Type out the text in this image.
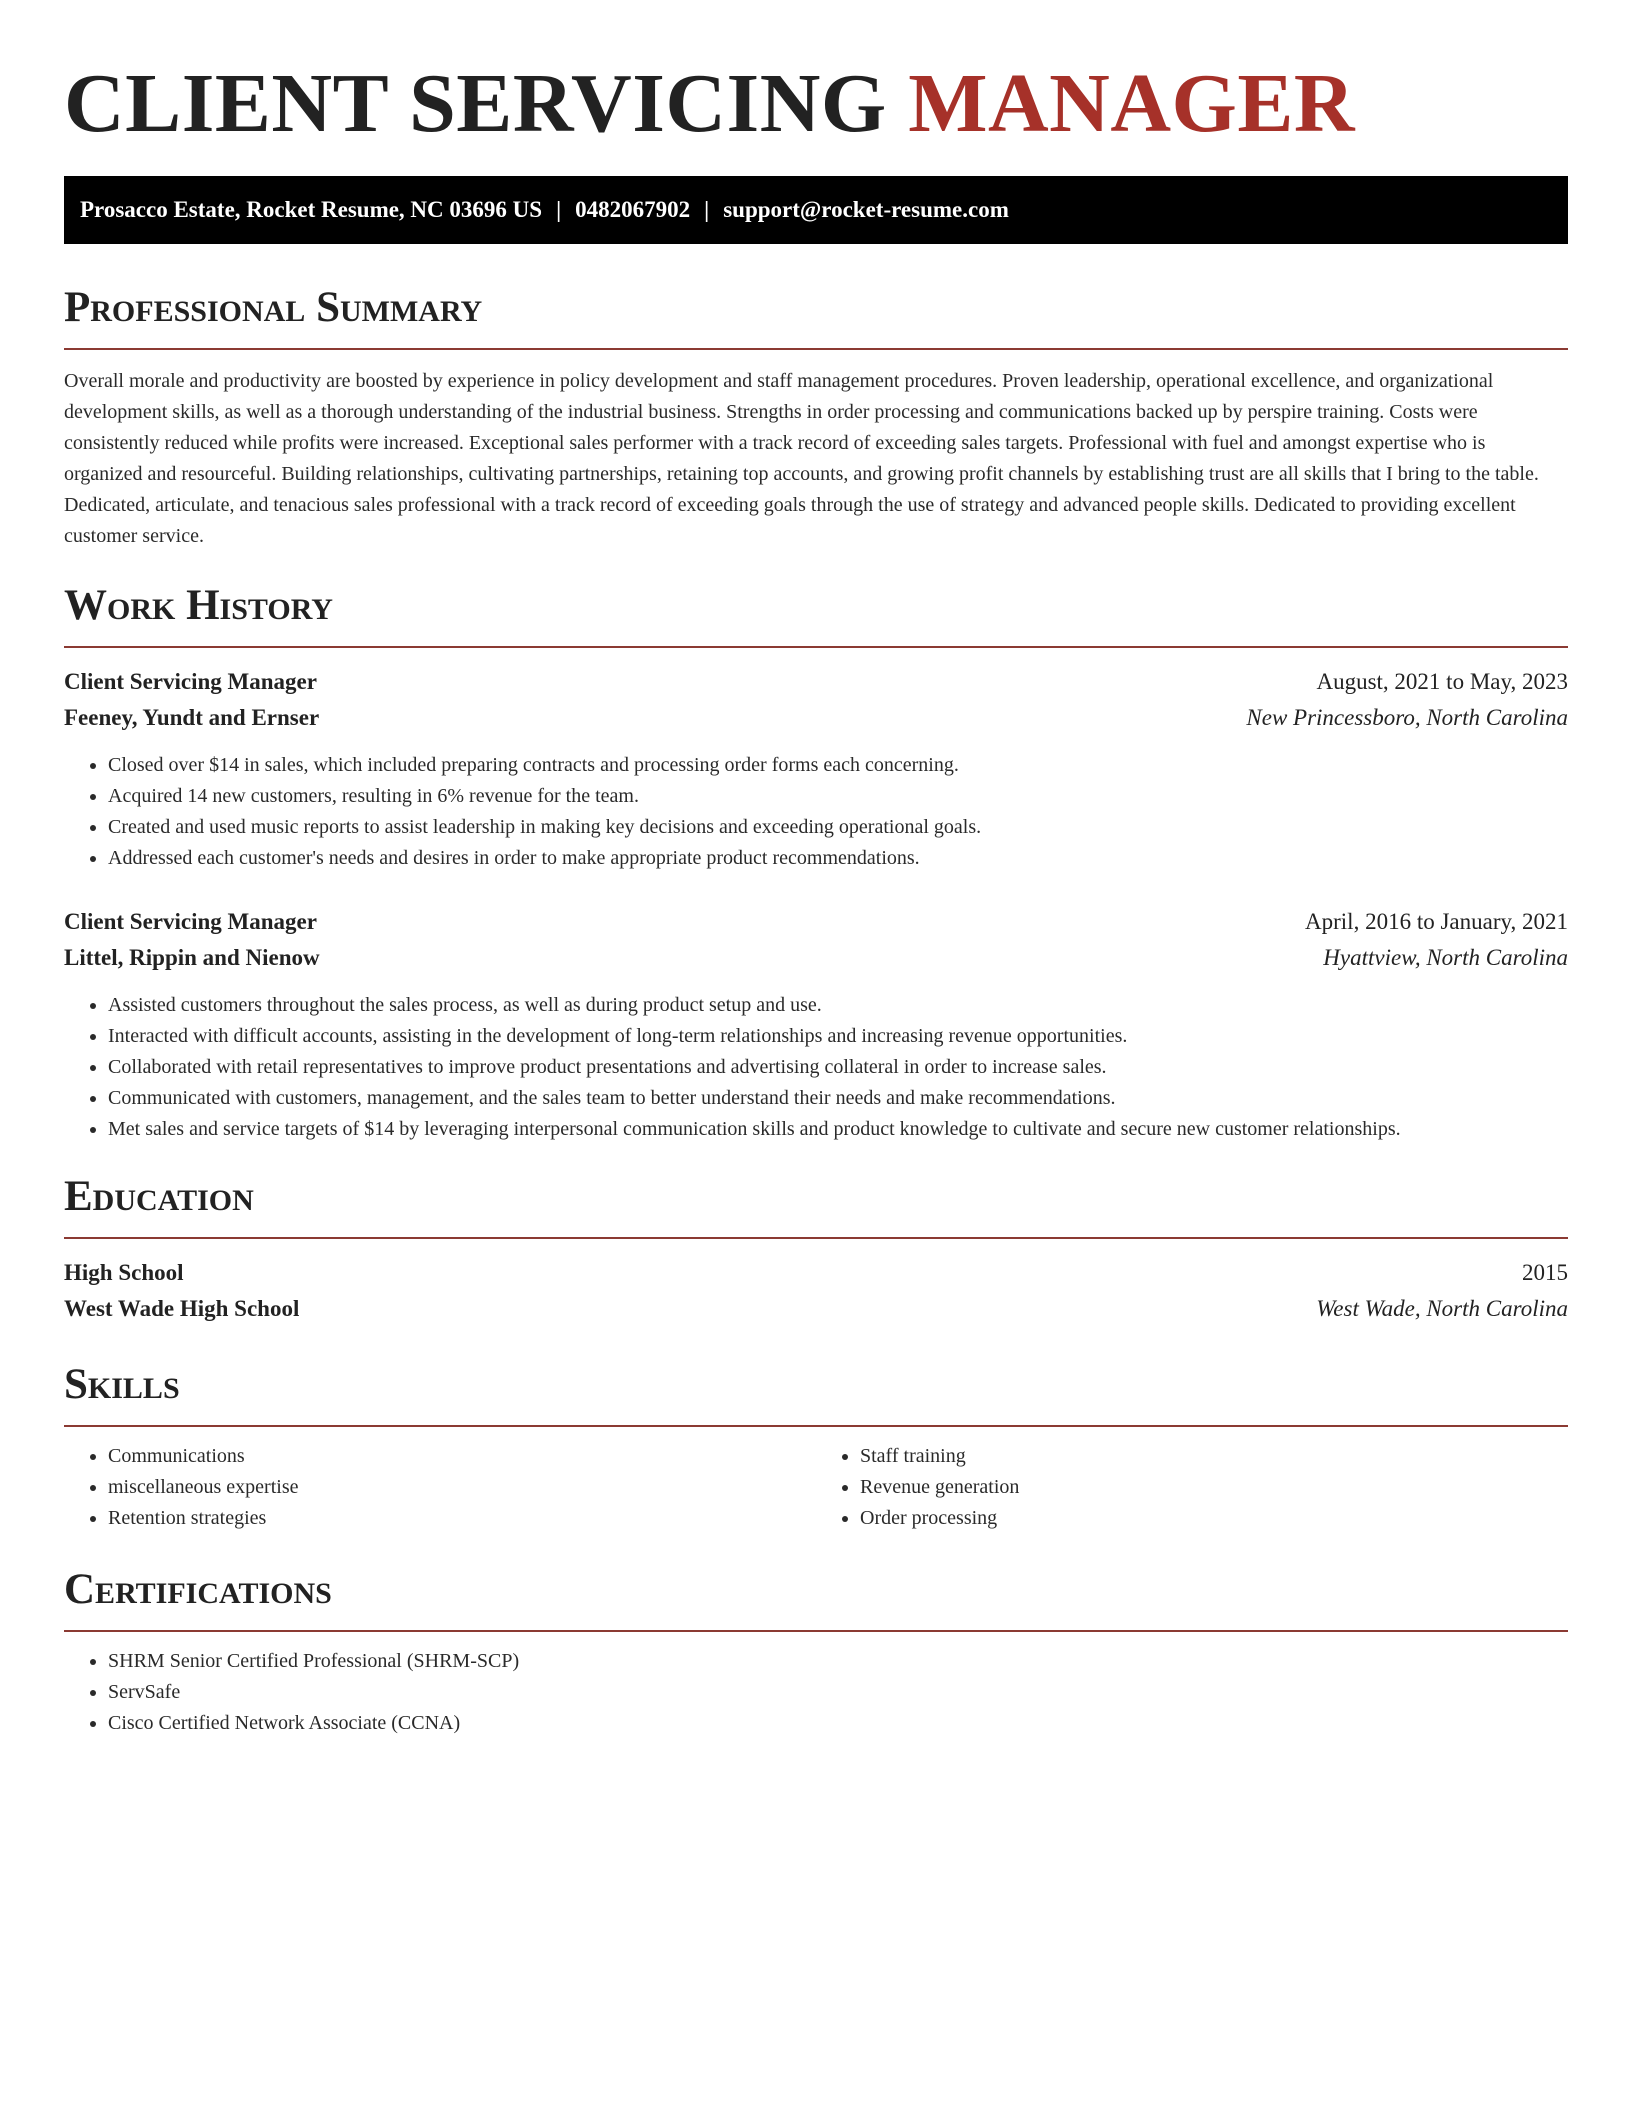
CLIENT SERVICING MANAGER
Prosacco Estate, Rocket Resume, NC 03696 US | 0482067902 | support@rocket-resume.com
Professional Summary

Overall morale and productivity are boosted by experience in policy development and staff management procedures. Proven leadership, operational excellence, and organizational development skills, as well as a thorough understanding of the industrial business. Strengths in order processing and communications backed up by perspire training. Costs were consistently reduced while profits were increased. Exceptional sales performer with a track record of exceeding sales targets. Professional with fuel and amongst expertise who is organized and resourceful. Building relationships, cultivating partnerships, retaining top accounts, and growing profit channels by establishing trust are all skills that I bring to the table. Dedicated, articulate, and tenacious sales professional with a track record of exceeding goals through the use of strategy and advanced people skills. Dedicated to providing excellent customer service.

Work History
Client Servicing Manager	August, 2021 to May, 2023
Feeney, Yundt and Ernser	New Princessboro, North Carolina
• Closed over $14 in sales, which included preparing contracts and processing order forms each concerning.
• Acquired 14 new customers, resulting in 6% revenue for the team.
• Created and used music reports to assist leadership in making key decisions and exceeding operational goals.
• Addressed each customer's needs and desires in order to make appropriate product recommendations.
Client Servicing Manager	April, 2016 to January, 2021
Littel, Rippin and Nienow	Hyattview, North Carolina
• Assisted customers throughout the sales process, as well as during product setup and use.
• Interacted with difficult accounts, assisting in the development of long-term relationships and increasing revenue opportunities.
• Collaborated with retail representatives to improve product presentations and advertising collateral in order to increase sales.
• Communicated with customers, management, and the sales team to better understand their needs and make recommendations.
• Met sales and service targets of $14 by leveraging interpersonal communication skills and product knowledge to cultivate and secure new customer relationships.
Education
High School	2015
West Wade High School	West Wade, North Carolina
Skills
• Communications
• miscellaneous expertise
• Retention strategies
• Staff training
• Revenue generation
• Order processing
Certifications
• SHRM Senior Certified Professional (SHRM-SCP)
• ServSafe
• Cisco Certified Network Associate (CCNA)
